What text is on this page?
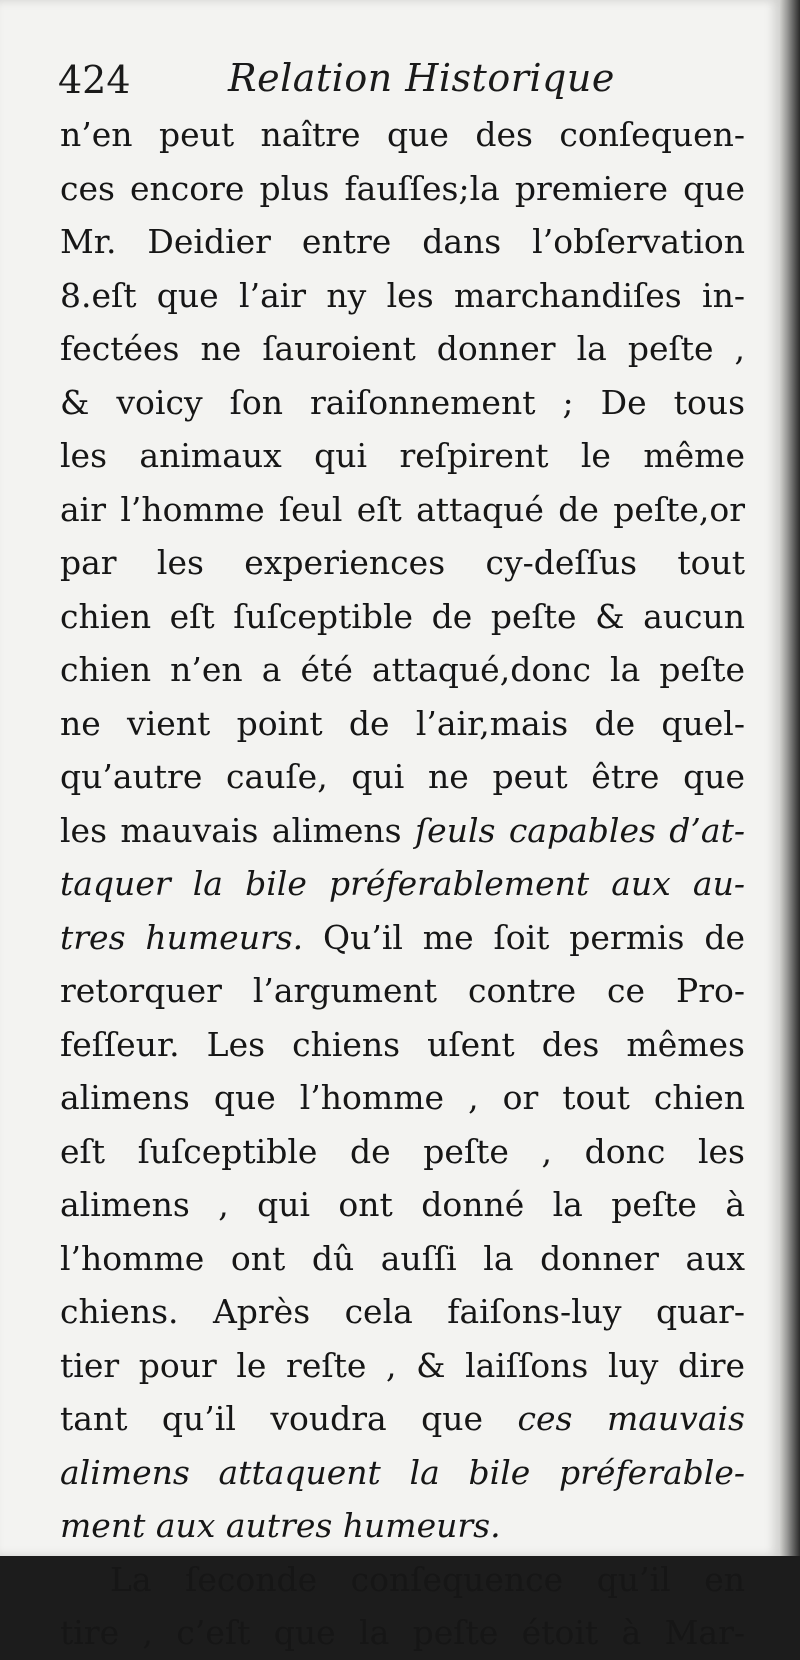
424	Relation Historique
n’en peut naître que des conſequen-
ces encore plus fauſſes;la premiere que
Mr. Deidier entre dans l’obſervation
8.eſt que l’air ny les marchandiſes in-
fectées ne ſauroient donner la peſte ,
& voicy ſon raiſonnement ; De tous
les animaux qui reſpirent le même
air l’homme ſeul eſt attaqué de peſte,or
par les experiences cy-deſſus tout
chien eſt ſuſceptible de peſte & aucun
chien n’en a été attaqué,donc la peſte
ne vient point de l’air,mais de quel-
qu’autre cauſe, qui ne peut être que
les mauvais alimens ſeuls capables d’at-
taquer la bile préferablement aux au-
tres humeurs. Qu’il me ſoit permis de
retorquer l’argument contre ce Pro-
feſſeur. Les chiens uſent des mêmes
alimens que l’homme , or tout chien
eſt ſuſceptible de peſte , donc les
alimens , qui ont donné la peſte à
l’homme ont dû auſſi la donner aux
chiens. Après cela faiſons-luy quar-
tier pour le reſte , & laiſſons luy dire
tant qu’il voudra que ces mauvais
alimens attaquent la bile préferable-
ment aux autres humeurs.
La ſeconde conſequence qu’il en
tire , c’eſt que la peſte étoit à Mar-
